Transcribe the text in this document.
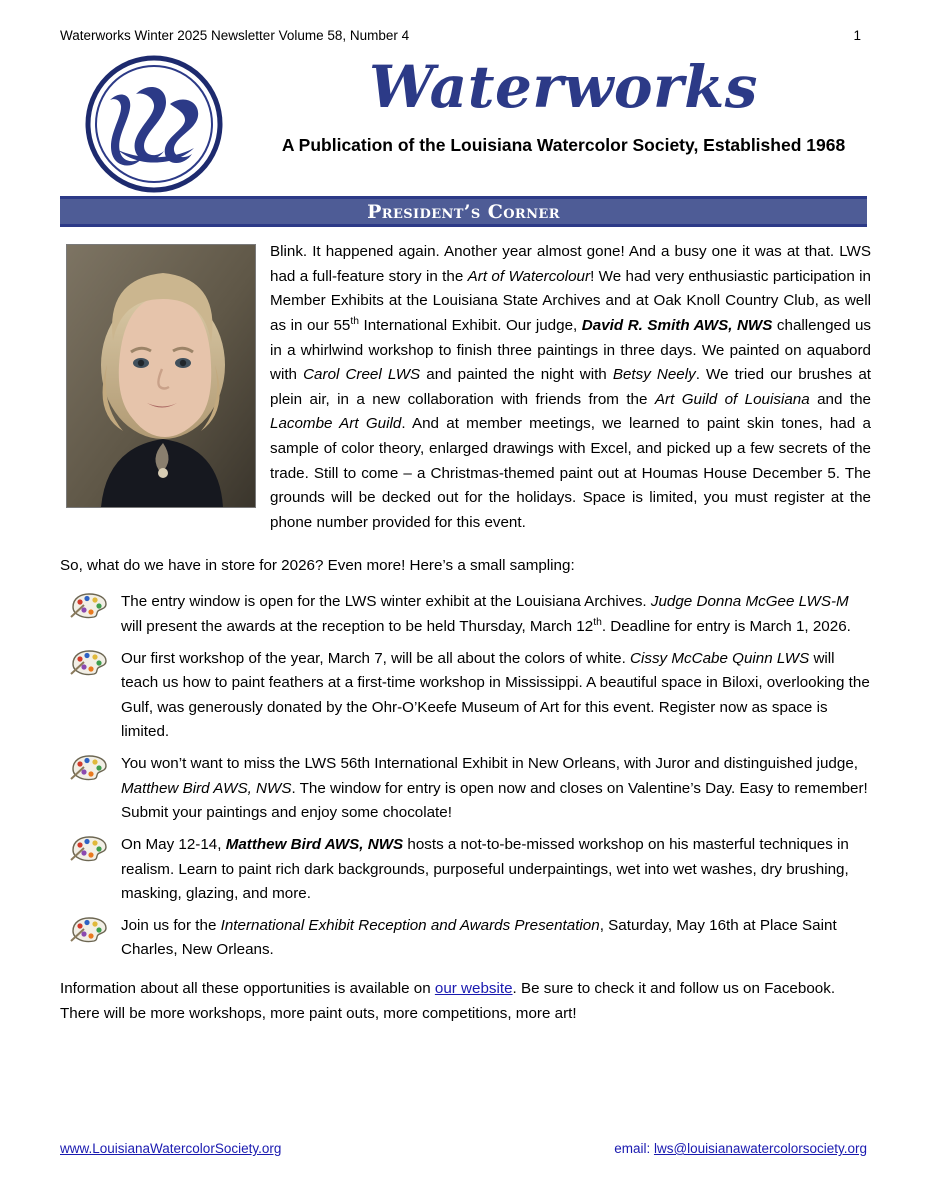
Waterworks Winter 2025 Newsletter Volume 58, Number 4	1
Waterworks
A Publication of the Louisiana Watercolor Society, Established 1968
President’s Corner

Blink. It happened again. Another year almost gone! And a busy one it was at that. LWS had a full-feature story in the Art of Watercolour! We had very enthusiastic participation in Member Exhibits at the Louisiana State Archives and at Oak Knoll Country Club, as well as in our 55th International Exhibit. Our judge, David R. Smith AWS, NWS challenged us in a whirlwind workshop to finish three paintings in three days. We painted on aquabord with Carol Creel LWS and painted the night with Betsy Neely. We tried our brushes at plein air, in a new collaboration with friends from the Art Guild of Louisiana and the Lacombe Art Guild. And at member meetings, we learned to paint skin tones, had a sample of color theory, enlarged drawings with Excel, and picked up a few secrets of the trade. Still to come – a Christmas-themed paint out at Houmas House December 5. The grounds will be decked out for the holidays. Space is limited, you must register at the phone number provided for this event.

So, what do we have in store for 2026? Even more! Here’s a small sampling:

The entry window is open for the LWS winter exhibit at the Louisiana Archives. Judge Donna McGee LWS-M will present the awards at the reception to be held Thursday, March 12th. Deadline for entry is March 1, 2026.
Our first workshop of the year, March 7, will be all about the colors of white. Cissy McCabe Quinn LWS will teach us how to paint feathers at a first-time workshop in Mississippi. A beautiful space in Biloxi, overlooking the Gulf, was generously donated by the Ohr-O’Keefe Museum of Art for this event. Register now as space is limited.
You won’t want to miss the LWS 56th International Exhibit in New Orleans, with Juror and distinguished judge, Matthew Bird AWS, NWS. The window for entry is open now and closes on Valentine’s Day. Easy to remember! Submit your paintings and enjoy some chocolate!
On May 12-14, Matthew Bird AWS, NWS hosts a not-to-be-missed workshop on his masterful techniques in realism. Learn to paint rich dark backgrounds, purposeful underpaintings, wet into wet washes, dry brushing, masking, glazing, and more.
Join us for the International Exhibit Reception and Awards Presentation, Saturday, May 16th at Place Saint Charles, New Orleans.

Information about all these opportunities is available on our website. Be sure to check it and follow us on Facebook. There will be more workshops, more paint outs, more competitions, more art!

www.LouisianaWatercolorSociety.org	email: lws@louisianawatercolorsociety.org
